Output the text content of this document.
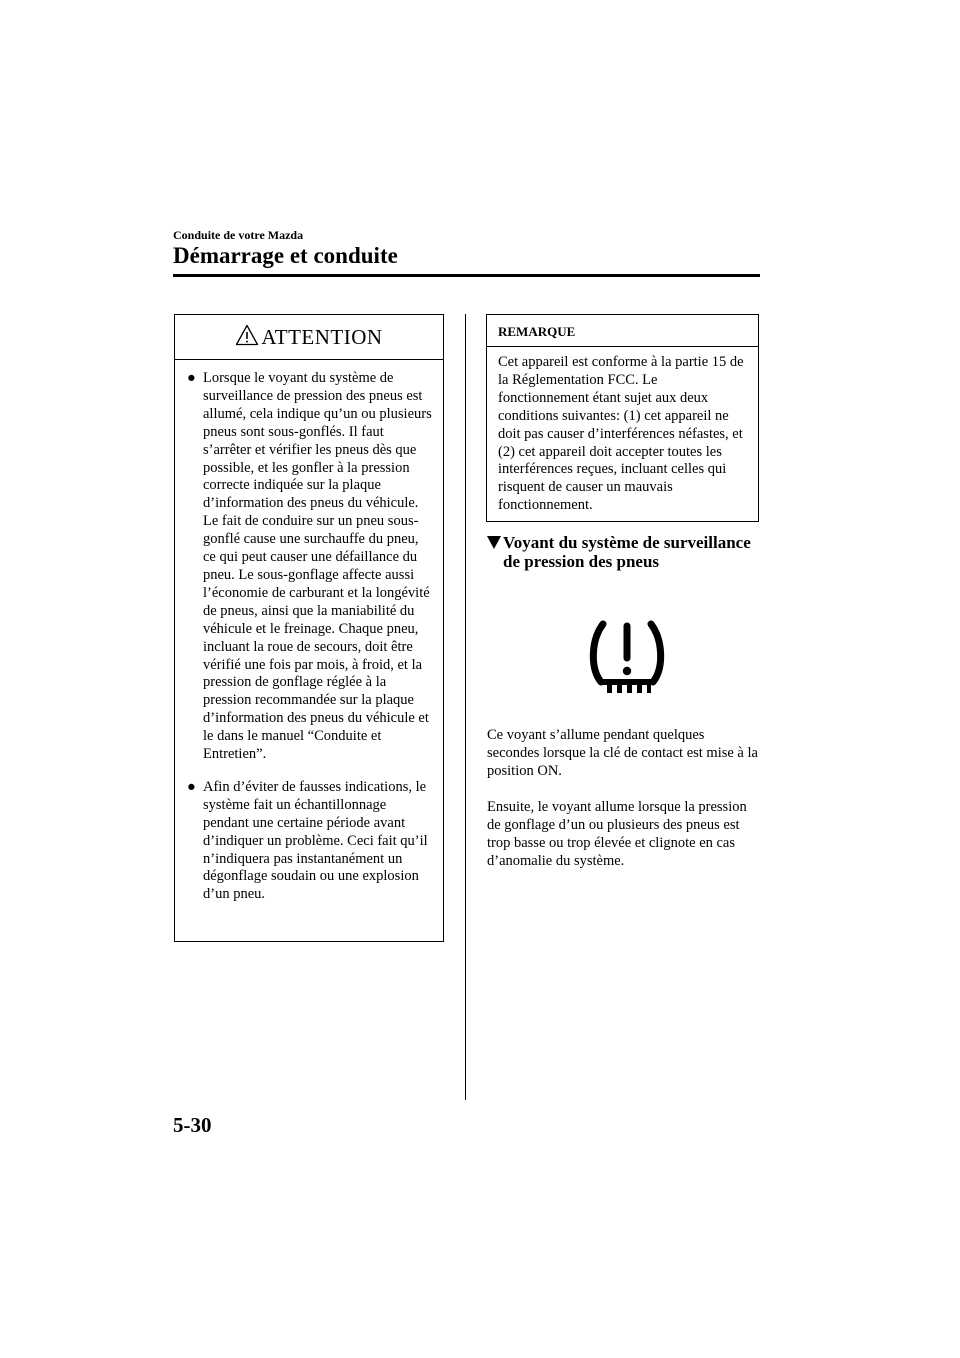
Conduite de votre Mazda
Démarrage et conduite
ATTENTION
● Lorsque le voyant du système de surveillance de pression des pneus est allumé, cela indique qu’un ou plusieurs pneus sont sous-gonflés. Il faut s’arrêter et vérifier les pneus dès que possible, et les gonfler à la pression correcte indiquée sur la plaque d’information des pneus du véhicule. Le fait de conduire sur un pneu sous-gonflé cause une surchauffe du pneu, ce qui peut causer une défaillance du pneu. Le sous-gonflage affecte aussi l’économie de carburant et la longévité de pneus, ainsi que la maniabilité du véhicule et le freinage. Chaque pneu, incluant la roue de secours, doit être vérifié une fois par mois, à froid, et la pression de gonflage réglée à la pression recommandée sur la plaque d’information des pneus du véhicule et le dans le manuel “Conduite et Entretien”.
● Afin d’éviter de fausses indications, le système fait un échantillonnage pendant une certaine période avant d’indiquer un problème. Ceci fait qu’il n’indiquera pas instantanément un dégonflage soudain ou une explosion d’un pneu.
REMARQUE
Cet appareil est conforme à la partie 15 de la Réglementation FCC. Le fonctionnement étant sujet aux deux conditions suivantes: (1) cet appareil ne doit pas causer d’interférences néfastes, et (2) cet appareil doit accepter toutes les interférences reçues, incluant celles qui risquent de causer un mauvais fonctionnement.
Voyant du système de surveillance de pression des pneus
Ce voyant s’allume pendant quelques secondes lorsque la clé de contact est mise à la position ON.
Ensuite, le voyant allume lorsque la pression de gonflage d’un ou plusieurs des pneus est trop basse ou trop élevée et clignote en cas d’anomalie du système.
5-30
